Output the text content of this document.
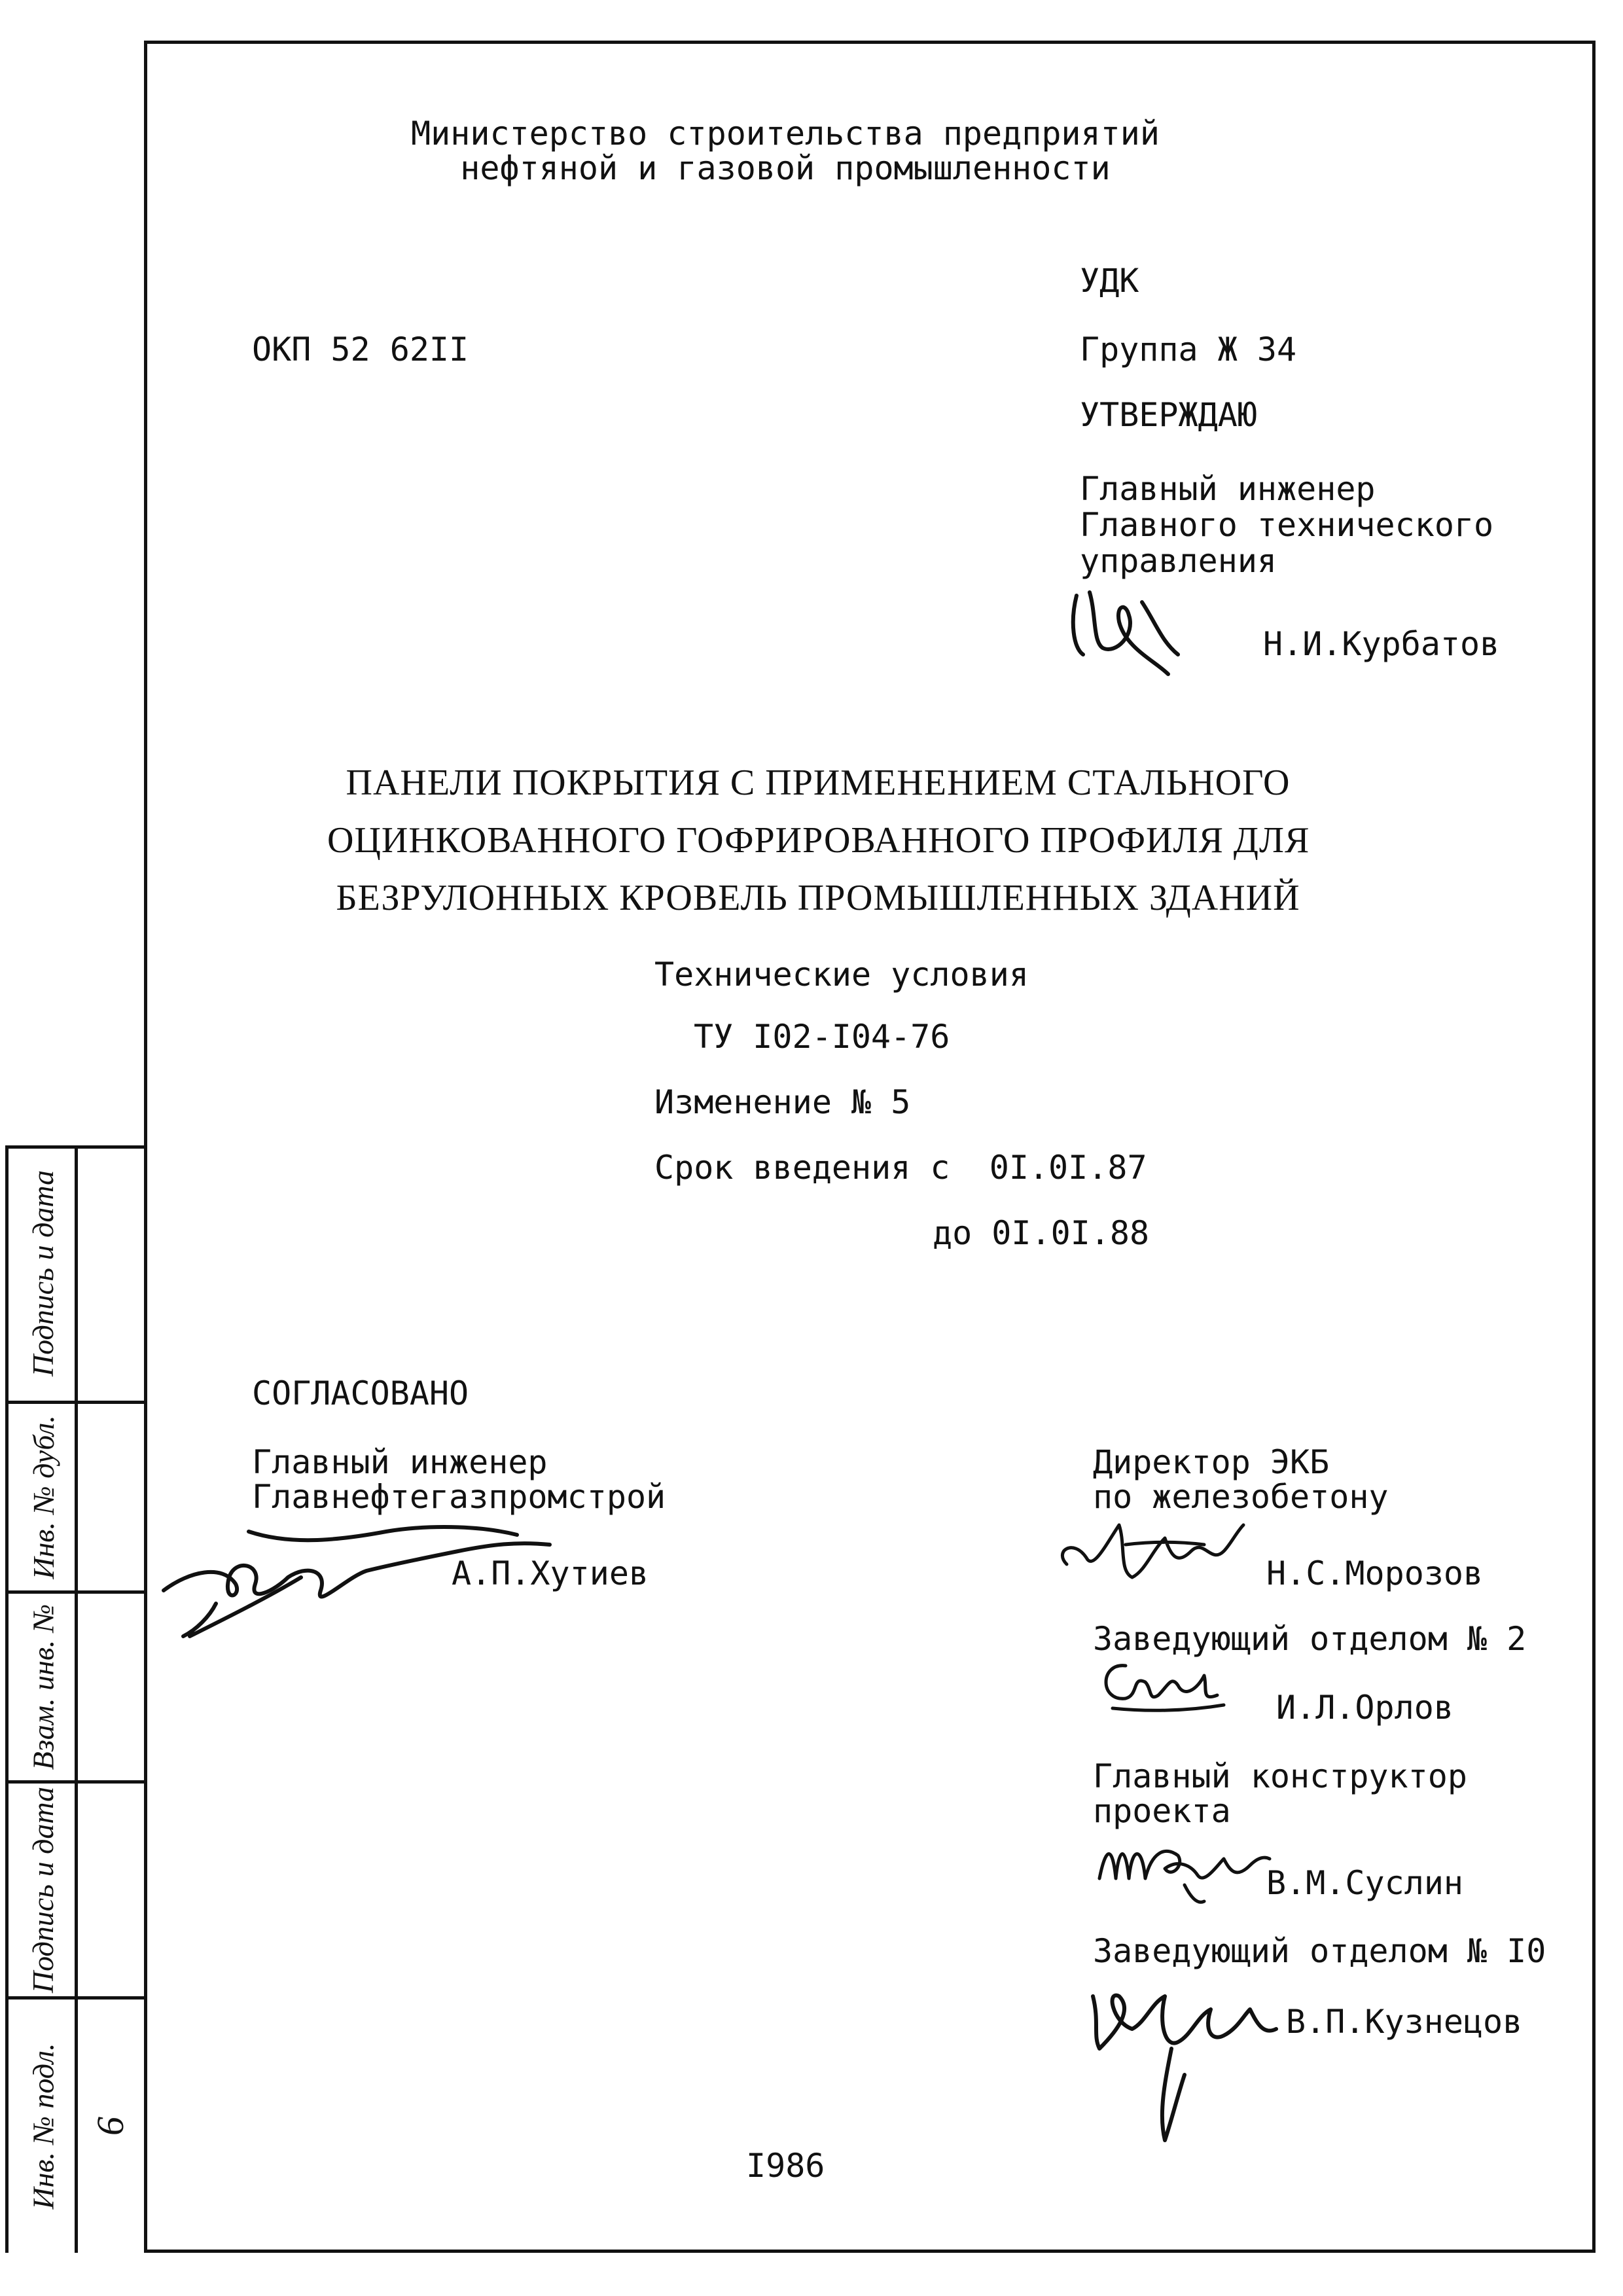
Министерство строительства предприятий
нефтяной и газовой промышленности
УДК
ОКП 52 62II	Группа Ж 34
УТВЕРЖДАЮ
Главный инженер
Главного технического
управления
Н.И.Курбатов
ПАНЕЛИ ПОКРЫТИЯ С ПРИМЕНЕНИЕМ СТАЛЬНОГО
ОЦИНКОВАННОГО ГОФРИРОВАННОГО ПРОФИЛЯ ДЛЯ
БЕЗРУЛОННЫХ КРОВЕЛЬ ПРОМЫШЛЕННЫХ ЗДАНИЙ
Технические условия
ТУ I02-I04-76
Изменение № 5
Срок введения с  0I.0I.87
до 0I.0I.88
СОГЛАСОВАНО
Главный инженер
Главнефтегазпромстрой
А.П.Хутиев
Директор ЭКБ
по железобетону
Н.С.Морозов
Заведующий отделом № 2
И.Л.Орлов
Главный конструктор
проекта
В.М.Суслин
Заведующий отделом № I0
В.П.Кузнецов
I986
Подпись и дата
Инв. № дубл.
Взам. инв. №
Подпись и дата
Инв. № подл. 6
